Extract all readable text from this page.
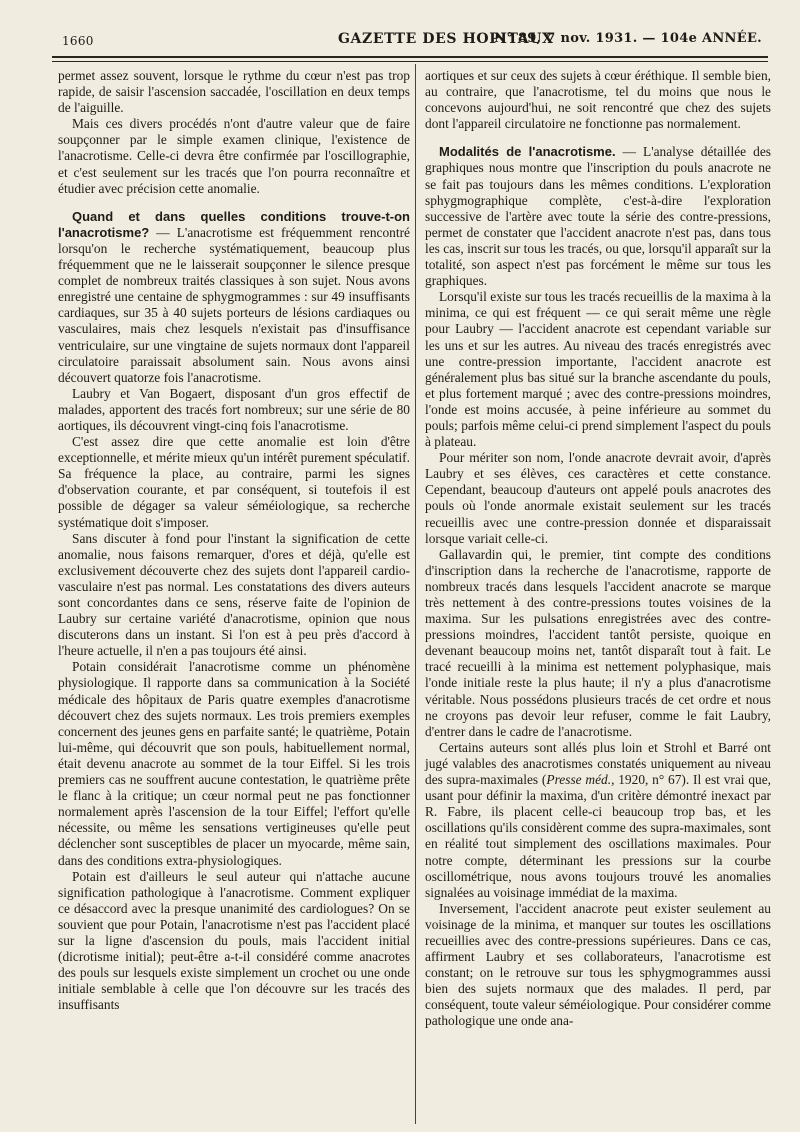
1660	GAZETTE DES HOPITAUX
N° 89, 7 nov. 1931. — 104e ANNÉE.

permet assez souvent, lorsque le rythme du cœur n'est pas trop rapide, de saisir l'ascension saccadée, l'oscillation en deux temps de l'aiguille.

Mais ces divers procédés n'ont d'autre valeur que de faire soupçonner par le simple examen clinique, l'existence de l'anacrotisme. Celle-ci devra être confirmée par l'oscillographie, et c'est seulement sur les tracés que l'on pourra reconnaître et étudier avec précision cette anomalie.

Quand et dans quelles conditions trouve-t-on l'anacrotisme? — L'anacrotisme est fréquemment rencontré lorsqu'on le recherche systématiquement, beaucoup plus fréquemment que ne le laisserait soupçonner le silence presque complet de nombreux traités classiques à son sujet. Nous avons enregistré une centaine de sphygmogrammes : sur 49 insuffisants cardiaques, sur 35 à 40 sujets porteurs de lésions cardiaques ou vasculaires, mais chez lesquels n'existait pas d'insuffisance ventriculaire, sur une vingtaine de sujets normaux dont l'appareil circulatoire paraissait absolument sain. Nous avons ainsi découvert quatorze fois l'anacrotisme.

Laubry et Van Bogaert, disposant d'un gros effectif de malades, apportent des tracés fort nombreux; sur une série de 80 aortiques, ils découvrent vingt-cinq fois l'anacrotisme.

C'est assez dire que cette anomalie est loin d'être exceptionnelle, et mérite mieux qu'un intérêt purement spéculatif. Sa fréquence la place, au contraire, parmi les signes d'observation courante, et par conséquent, si toutefois il est possible de dégager sa valeur séméiologique, sa recherche systématique doit s'imposer.

Sans discuter à fond pour l'instant la signification de cette anomalie, nous faisons remarquer, d'ores et déjà, qu'elle est exclusivement découverte chez des sujets dont l'appareil cardio-vasculaire n'est pas normal. Les constatations des divers auteurs sont concordantes dans ce sens, réserve faite de l'opinion de Laubry sur certaine variété d'anacrotisme, opinion que nous discuterons dans un instant. Si l'on est à peu près d'accord à l'heure actuelle, il n'en a pas toujours été ainsi.

Potain considérait l'anacrotisme comme un phénomène physiologique. Il rapporte dans sa communication à la Société médicale des hôpitaux de Paris quatre exemples d'anacrotisme découvert chez des sujets normaux. Les trois premiers exemples concernent des jeunes gens en parfaite santé; le quatrième, Potain lui-même, qui découvrit que son pouls, habituellement normal, était devenu anacrote au sommet de la tour Eiffel. Si les trois premiers cas ne souffrent aucune contestation, le quatrième prête le flanc à la critique; un cœur normal peut ne pas fonctionner normalement après l'ascension de la tour Eiffel; l'effort qu'elle nécessite, ou même les sensations vertigineuses qu'elle peut déclencher sont susceptibles de placer un myocarde, même sain, dans des conditions extra-physiologiques.

Potain est d'ailleurs le seul auteur qui n'attache aucune signification pathologique à l'anacrotisme. Comment expliquer ce désaccord avec la presque unanimité des cardiologues? On se souvient que pour Potain, l'anacrotisme n'est pas l'accident placé sur la ligne d'ascension du pouls, mais l'accident initial (dicrotisme initial); peut-être a-t-il considéré comme anacrotes des pouls sur lesquels existe simplement un crochet ou une onde initiale semblable à celle que l'on découvre sur les tracés des insuffisants

aortiques et sur ceux des sujets à cœur éréthique. Il semble bien, au contraire, que l'anacrotisme, tel du moins que nous le concevons aujourd'hui, ne soit rencontré que chez des sujets dont l'appareil circulatoire ne fonctionne pas normalement.

Modalités de l'anacrotisme. — L'analyse détaillée des graphiques nous montre que l'inscription du pouls anacrote ne se fait pas toujours dans les mêmes conditions. L'exploration sphygmographique complète, c'est-à-dire l'exploration successive de l'artère avec toute la série des contre-pressions, permet de constater que l'accident anacrote n'est pas, dans tous les cas, inscrit sur tous les tracés, ou que, lorsqu'il apparaît sur la totalité, son aspect n'est pas forcément le même sur tous les graphiques.

Lorsqu'il existe sur tous les tracés recueillis de la maxima à la minima, ce qui est fréquent — ce qui serait même une règle pour Laubry — l'accident anacrote est cependant variable sur les uns et sur les autres. Au niveau des tracés enregistrés avec une contre-pression importante, l'accident anacrote est généralement plus bas situé sur la branche ascendante du pouls, et plus fortement marqué ; avec des contre-pressions moindres, l'onde est moins accusée, à peine inférieure au sommet du pouls; parfois même celui-ci prend simplement l'aspect du pouls à plateau.

Pour mériter son nom, l'onde anacrote devrait avoir, d'après Laubry et ses élèves, ces caractères et cette constance. Cependant, beaucoup d'auteurs ont appelé pouls anacrotes des pouls où l'onde anormale existait seulement sur les tracés recueillis avec une contre-pression donnée et disparaissait lorsque variait celle-ci.

Gallavardin qui, le premier, tint compte des conditions d'inscription dans la recherche de l'anacrotisme, rapporte de nombreux tracés dans lesquels l'accident anacrote se marque très nettement à des contre-pressions toutes voisines de la maxima. Sur les pulsations enregistrées avec des contre-pressions moindres, l'accident tantôt persiste, quoique en devenant beaucoup moins net, tantôt disparaît tout à fait. Le tracé recueilli à la minima est nettement polyphasique, mais l'onde initiale reste la plus haute; il n'y a plus d'anacrotisme véritable. Nous possédons plusieurs tracés de cet ordre et nous ne croyons pas devoir leur refuser, comme le fait Laubry, d'entrer dans le cadre de l'anacrotisme.

Certains auteurs sont allés plus loin et Strohl et Barré ont jugé valables des anacrotismes constatés uniquement au niveau des supra-maximales (Presse méd., 1920, n° 67). Il est vrai que, usant pour définir la maxima, d'un critère démontré inexact par R. Fabre, ils placent celle-ci beaucoup trop bas, et les oscillations qu'ils considèrent comme des supra-maximales, sont en réalité tout simplement des oscillations maximales. Pour notre compte, déterminant les pressions sur la courbe oscillométrique, nous avons toujours trouvé les anomalies signalées au voisinage immédiat de la maxima.

Inversement, l'accident anacrote peut exister seulement au voisinage de la minima, et manquer sur toutes les oscillations recueillies avec des contre-pressions supérieures. Dans ce cas, affirment Laubry et ses collaborateurs, l'anacrotisme est constant; on le retrouve sur tous les sphygmogrammes aussi bien des sujets normaux que des malades. Il perd, par conséquent, toute valeur séméiologique. Pour considérer comme pathologique une onde ana-
